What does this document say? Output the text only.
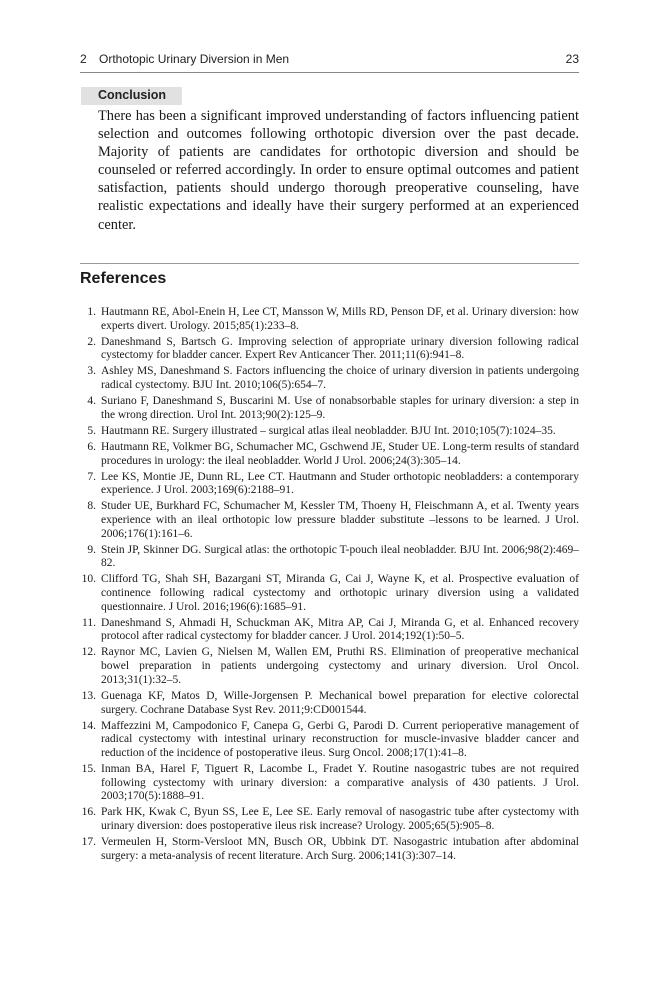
2 Orthotopic Urinary Diversion in Men	23
Conclusion

There has been a significant improved understanding of factors influencing patient selection and outcomes following orthotopic diversion over the past decade. Majority of patients are candidates for orthotopic diversion and should be counseled or referred accordingly. In order to ensure optimal outcomes and patient satisfaction, patients should undergo thorough preoperative counseling, have realistic expectations and ideally have their surgery performed at an experienced center.

References
1. Hautmann RE, Abol-Enein H, Lee CT, Mansson W, Mills RD, Penson DF, et al. Urinary diversion: how experts divert. Urology. 2015;85(1):233–8.
2. Daneshmand S, Bartsch G. Improving selection of appropriate urinary diversion following radical cystectomy for bladder cancer. Expert Rev Anticancer Ther. 2011;11(6):941–8.
3. Ashley MS, Daneshmand S. Factors influencing the choice of urinary diversion in patients undergoing radical cystectomy. BJU Int. 2010;106(5):654–7.
4. Suriano F, Daneshmand S, Buscarini M. Use of nonabsorbable staples for urinary diversion: a step in the wrong direction. Urol Int. 2013;90(2):125–9.
5. Hautmann RE. Surgery illustrated – surgical atlas ileal neobladder. BJU Int. 2010;105(7):1024–35.
6. Hautmann RE, Volkmer BG, Schumacher MC, Gschwend JE, Studer UE. Long-term results of standard procedures in urology: the ileal neobladder. World J Urol. 2006;24(3):305–14.
7. Lee KS, Montie JE, Dunn RL, Lee CT. Hautmann and Studer orthotopic neobladders: a contemporary experience. J Urol. 2003;169(6):2188–91.
8. Studer UE, Burkhard FC, Schumacher M, Kessler TM, Thoeny H, Fleischmann A, et al. Twenty years experience with an ileal orthotopic low pressure bladder substitute –lessons to be learned. J Urol. 2006;176(1):161–6.
9. Stein JP, Skinner DG. Surgical atlas: the orthotopic T-pouch ileal neobladder. BJU Int. 2006;98(2):469–82.
10. Clifford TG, Shah SH, Bazargani ST, Miranda G, Cai J, Wayne K, et al. Prospective evaluation of continence following radical cystectomy and orthotopic urinary diversion using a validated questionnaire. J Urol. 2016;196(6):1685–91.
11. Daneshmand S, Ahmadi H, Schuckman AK, Mitra AP, Cai J, Miranda G, et al. Enhanced recovery protocol after radical cystectomy for bladder cancer. J Urol. 2014;192(1):50–5.
12. Raynor MC, Lavien G, Nielsen M, Wallen EM, Pruthi RS. Elimination of preoperative mechanical bowel preparation in patients undergoing cystectomy and urinary diversion. Urol Oncol. 2013;31(1):32–5.
13. Guenaga KF, Matos D, Wille-Jorgensen P. Mechanical bowel preparation for elective colorectal surgery. Cochrane Database Syst Rev. 2011;9:CD001544.
14. Maffezzini M, Campodonico F, Canepa G, Gerbi G, Parodi D. Current perioperative management of radical cystectomy with intestinal urinary reconstruction for muscle-invasive bladder cancer and reduction of the incidence of postoperative ileus. Surg Oncol. 2008;17(1):41–8.
15. Inman BA, Harel F, Tiguert R, Lacombe L, Fradet Y. Routine nasogastric tubes are not required following cystectomy with urinary diversion: a comparative analysis of 430 patients. J Urol. 2003;170(5):1888–91.
16. Park HK, Kwak C, Byun SS, Lee E, Lee SE. Early removal of nasogastric tube after cystectomy with urinary diversion: does postoperative ileus risk increase? Urology. 2005;65(5):905–8.
17. Vermeulen H, Storm-Versloot MN, Busch OR, Ubbink DT. Nasogastric intubation after abdominal surgery: a meta-analysis of recent literature. Arch Surg. 2006;141(3):307–14.
